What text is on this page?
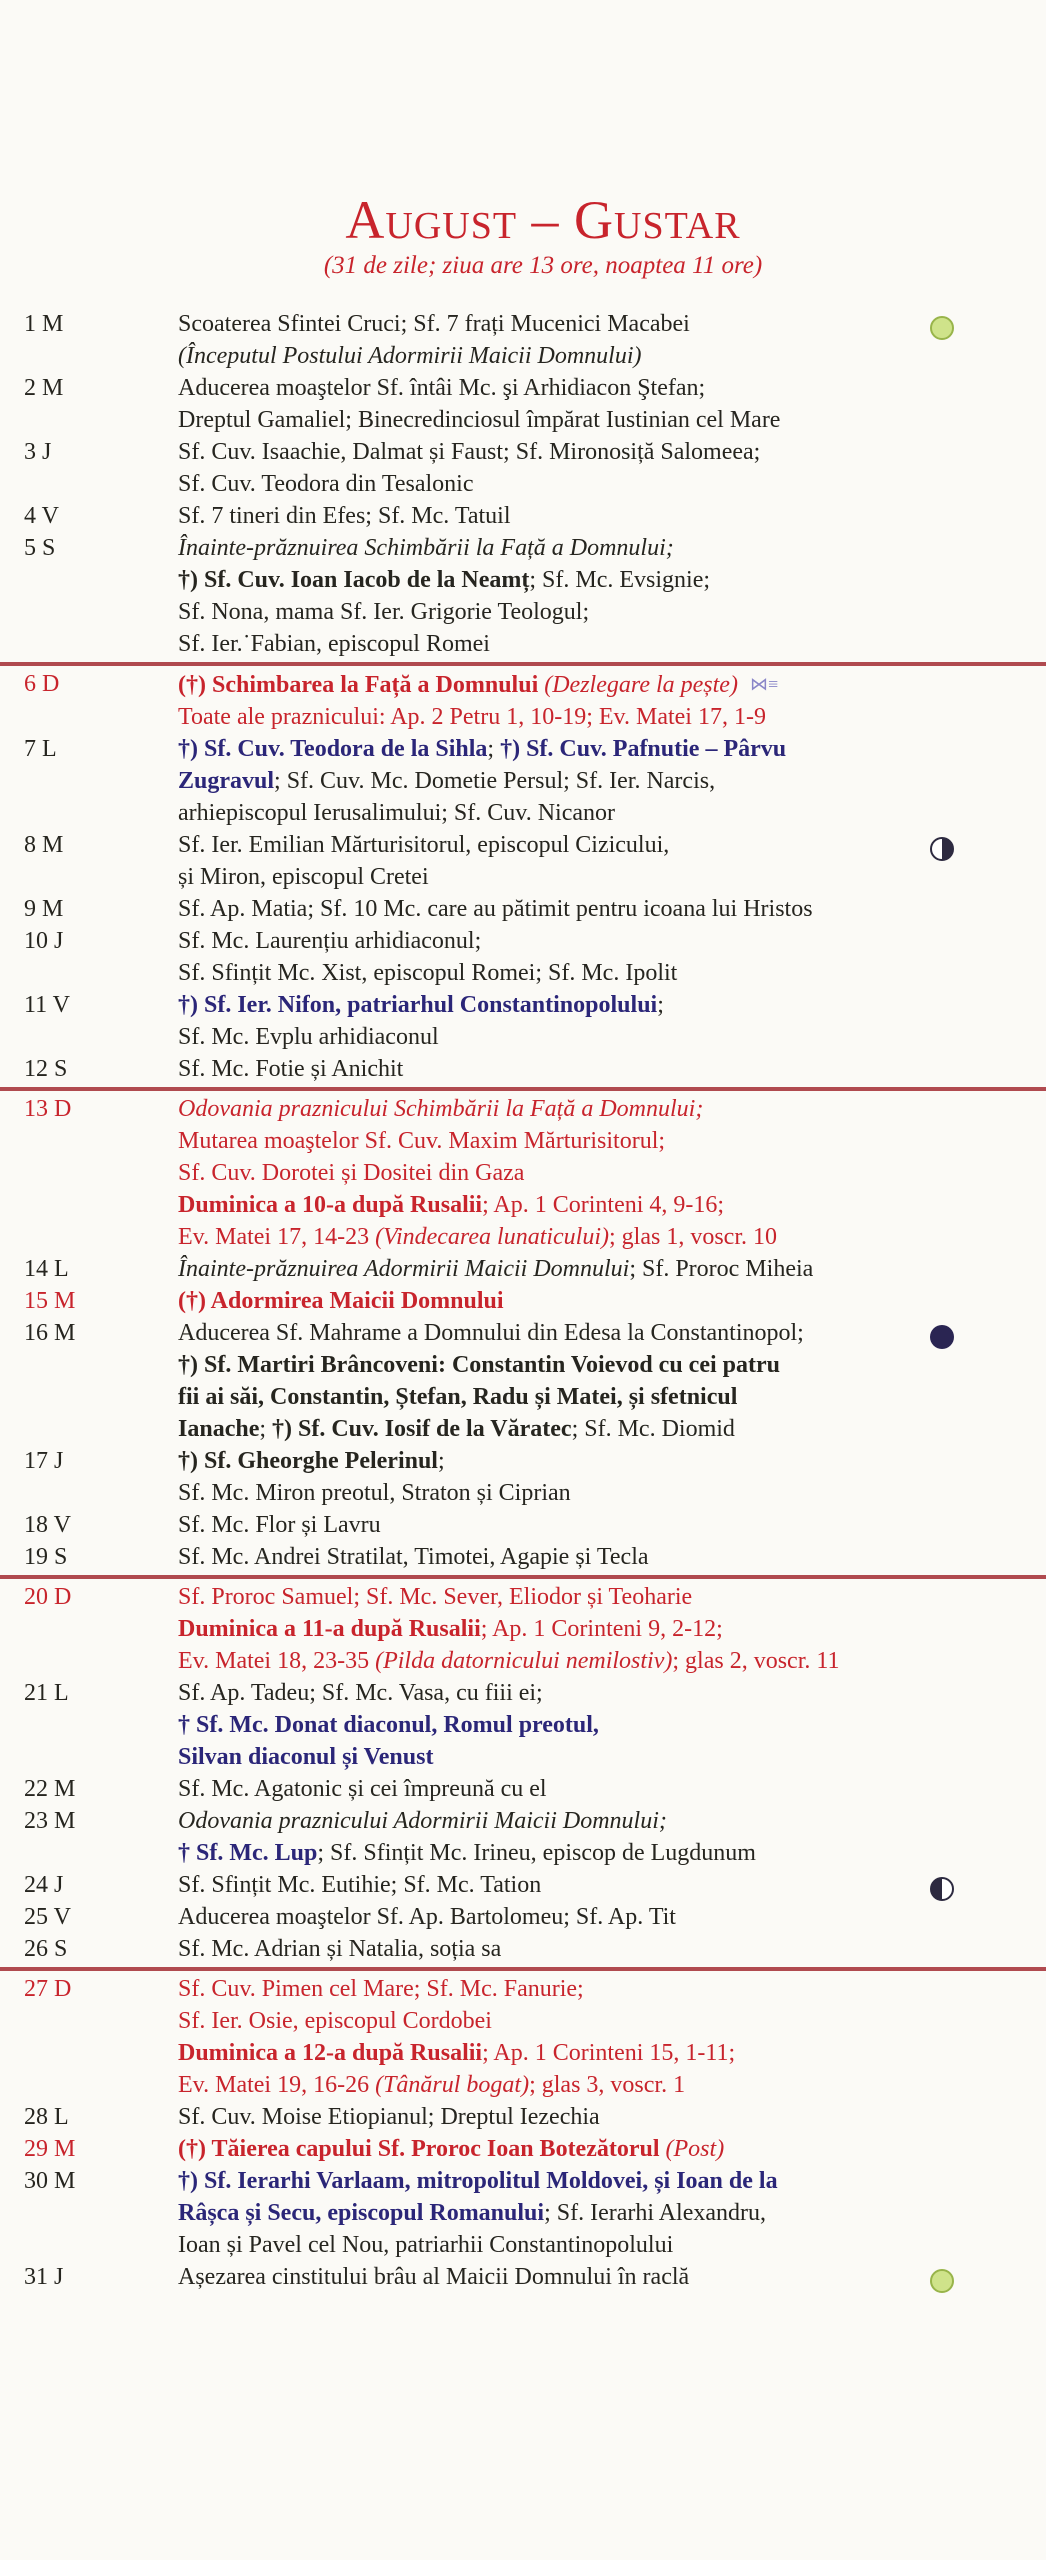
August – Gustar
(31 de zile; ziua are 13 ore, noaptea 11 ore)
1 M	Scoaterea Sfintei Cruci; Sf. 7 frați Mucenici Macabei
(Începutul Postului Adormirii Maicii Domnului)
2 M	Aducerea moaştelor Sf. întâi Mc. şi Arhidiacon Ştefan;
Dreptul Gamaliel; Binecredinciosul împărat Iustinian cel Mare
3 J	Sf. Cuv. Isaachie, Dalmat și Faust; Sf. Mironosiță Salomeea;
Sf. Cuv. Teodora din Tesalonic
4 V	Sf. 7 tineri din Efes; Sf. Mc. Tatuil
5 S	Înainte-prăznuirea Schimbării la Față a Domnului;
†) Sf. Cuv. Ioan Iacob de la Neamț; Sf. Mc. Evsignie;
Sf. Nona, mama Sf. Ier. Grigorie Teologul;
Sf. Ier.˙Fabian, episcopul Romei
6 D	(†) Schimbarea la Față a Domnului (Dezlegare la pește) ⋈≡
Toate ale praznicului: Ap. 2 Petru 1, 10-19; Ev. Matei 17, 1-9
7 L	†) Sf. Cuv. Teodora de la Sihla; †) Sf. Cuv. Pafnutie – Pârvu
Zugravul; Sf. Cuv. Mc. Dometie Persul; Sf. Ier. Narcis,
arhiepiscopul Ierusalimului; Sf. Cuv. Nicanor
8 M	Sf. Ier. Emilian Mărturisitorul, episcopul Cizicului,
și Miron, episcopul Cretei
9 M	Sf. Ap. Matia; Sf. 10 Mc. care au pătimit pentru icoana lui Hristos
10 J	Sf. Mc. Laurențiu arhidiaconul;
Sf. Sfințit Mc. Xist, episcopul Romei; Sf. Mc. Ipolit
11 V	†) Sf. Ier. Nifon, patriarhul Constantinopolului;
Sf. Mc. Evplu arhidiaconul
12 S	Sf. Mc. Fotie și Anichit
13 D	Odovania praznicului Schimbării la Față a Domnului;
Mutarea moaştelor Sf. Cuv. Maxim Mărturisitorul;
Sf. Cuv. Dorotei și Dositei din Gaza
Duminica a 10-a după Rusalii; Ap. 1 Corinteni 4, 9-16;
Ev. Matei 17, 14-23 (Vindecarea lunaticului); glas 1, voscr. 10
14 L	Înainte-prăznuirea Adormirii Maicii Domnului; Sf. Proroc Miheia
15 M	(†) Adormirea Maicii Domnului
16 M	Aducerea Sf. Mahrame a Domnului din Edesa la Constantinopol;
†) Sf. Martiri Brâncoveni: Constantin Voievod cu cei patru
fii ai săi, Constantin, Ștefan, Radu și Matei, și sfetnicul
Ianache; †) Sf. Cuv. Iosif de la Văratec; Sf. Mc. Diomid
17 J	†) Sf. Gheorghe Pelerinul;
Sf. Mc. Miron preotul, Straton și Ciprian
18 V	Sf. Mc. Flor și Lavru
19 S	Sf. Mc. Andrei Stratilat, Timotei, Agapie și Tecla
20 D	Sf. Proroc Samuel; Sf. Mc. Sever, Eliodor și Teoharie
Duminica a 11-a după Rusalii; Ap. 1 Corinteni 9, 2-12;
Ev. Matei 18, 23-35 (Pilda datornicului nemilostiv); glas 2, voscr. 11
21 L	Sf. Ap. Tadeu; Sf. Mc. Vasa, cu fiii ei;
† Sf. Mc. Donat diaconul, Romul preotul,
Silvan diaconul și Venust
22 M	Sf. Mc. Agatonic și cei împreună cu el
23 M	Odovania praznicului Adormirii Maicii Domnului;
† Sf. Mc. Lup; Sf. Sfințit Mc. Irineu, episcop de Lugdunum
24 J	Sf. Sfințit Mc. Eutihie; Sf. Mc. Tation
25 V	Aducerea moaştelor Sf. Ap. Bartolomeu; Sf. Ap. Tit
26 S	Sf. Mc. Adrian și Natalia, soția sa
27 D	Sf. Cuv. Pimen cel Mare; Sf. Mc. Fanurie;
Sf. Ier. Osie, episcopul Cordobei
Duminica a 12-a după Rusalii; Ap. 1 Corinteni 15, 1-11;
Ev. Matei 19, 16-26 (Tânărul bogat); glas 3, voscr. 1
28 L	Sf. Cuv. Moise Etiopianul; Dreptul Iezechia
29 M	(†) Tăierea capului Sf. Proroc Ioan Botezătorul (Post)
30 M	†) Sf. Ierarhi Varlaam, mitropolitul Moldovei, și Ioan de la
Râșca și Secu, episcopul Romanului; Sf. Ierarhi Alexandru,
Ioan și Pavel cel Nou, patriarhii Constantinopolului
31 J	Așezarea cinstitului brâu al Maicii Domnului în raclă
